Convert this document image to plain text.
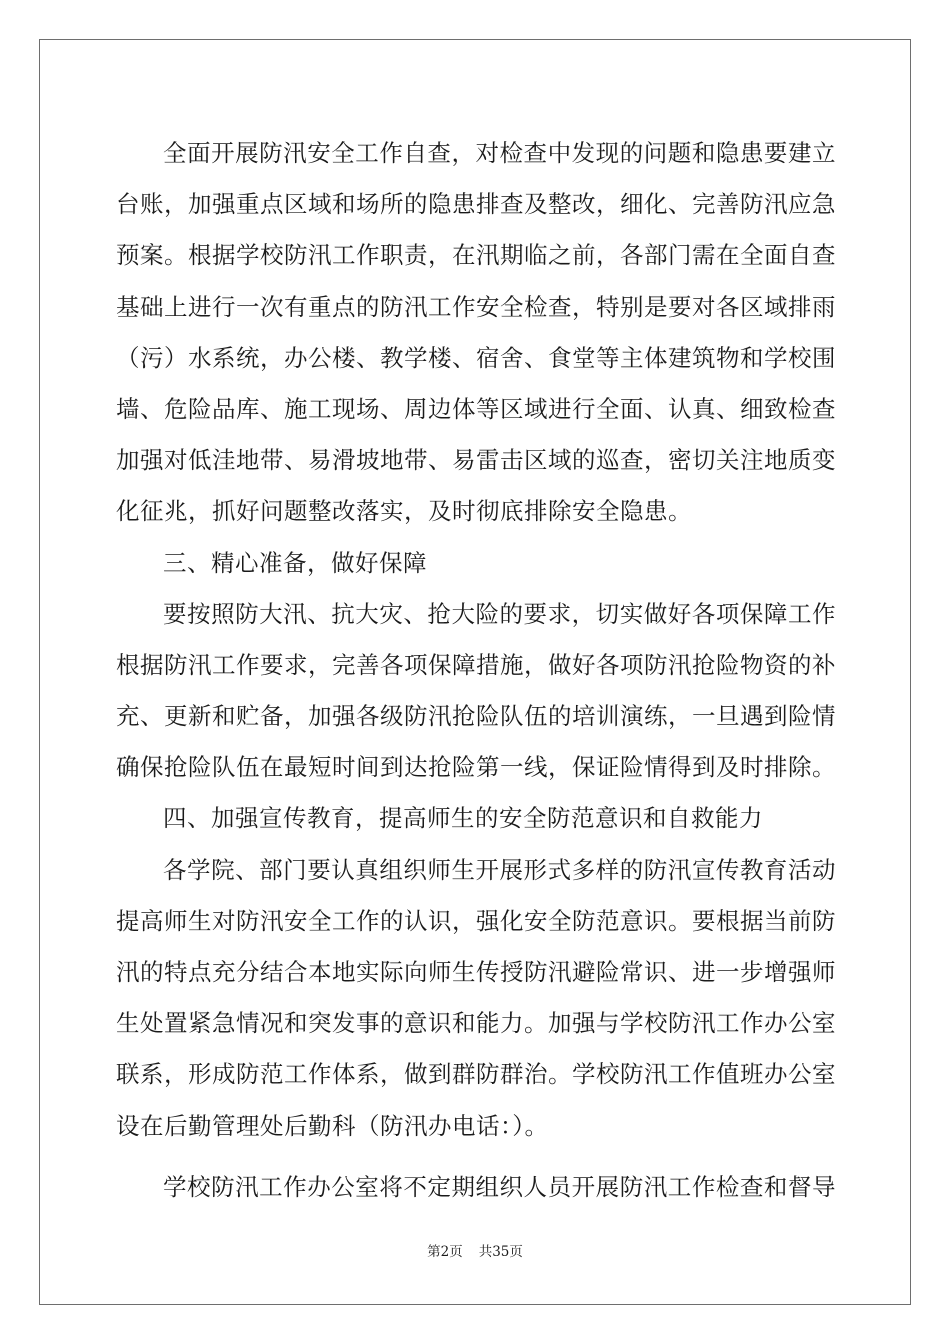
全面开展防汛安全工作自查，对检查中发现的问题和隐患要建立
台账，加强重点区域和场所的隐患排查及整改，细化、完善防汛应急
预案。根据学校防汛工作职责，在汛期临之前，各部门需在全面自查
基础上进行一次有重点的防汛工作安全检查，特别是要对各区域排雨
（污）水系统，办公楼、教学楼、宿舍、食堂等主体建筑物和学校围
墙、危险品库、施工现场、周边体等区域进行全面、认真、细致检查
加强对低洼地带、易滑坡地带、易雷击区域的巡查，密切关注地质变
化征兆，抓好问题整改落实，及时彻底排除安全隐患。
三、精心准备，做好保障
要按照防大汛、抗大灾、抢大险的要求，切实做好各项保障工作
根据防汛工作要求，完善各项保障措施，做好各项防汛抢险物资的补
充、更新和贮备，加强各级防汛抢险队伍的培训演练，一旦遇到险情
确保抢险队伍在最短时间到达抢险第一线，保证险情得到及时排除。
四、加强宣传教育，提高师生的安全防范意识和自救能力
各学院、部门要认真组织师生开展形式多样的防汛宣传教育活动
提高师生对防汛安全工作的认识，强化安全防范意识。要根据当前防
汛的特点充分结合本地实际向师生传授防汛避险常识、进一步增强师
生处置紧急情况和突发事的意识和能力。加强与学校防汛工作办公室
联系，形成防范工作体系，做到群防群治。学校防汛工作值班办公室
设在后勤管理处后勤科（防汛办电话：）。
学校防汛工作办公室将不定期组织人员开展防汛工作检查和督导
第2页 共35页
